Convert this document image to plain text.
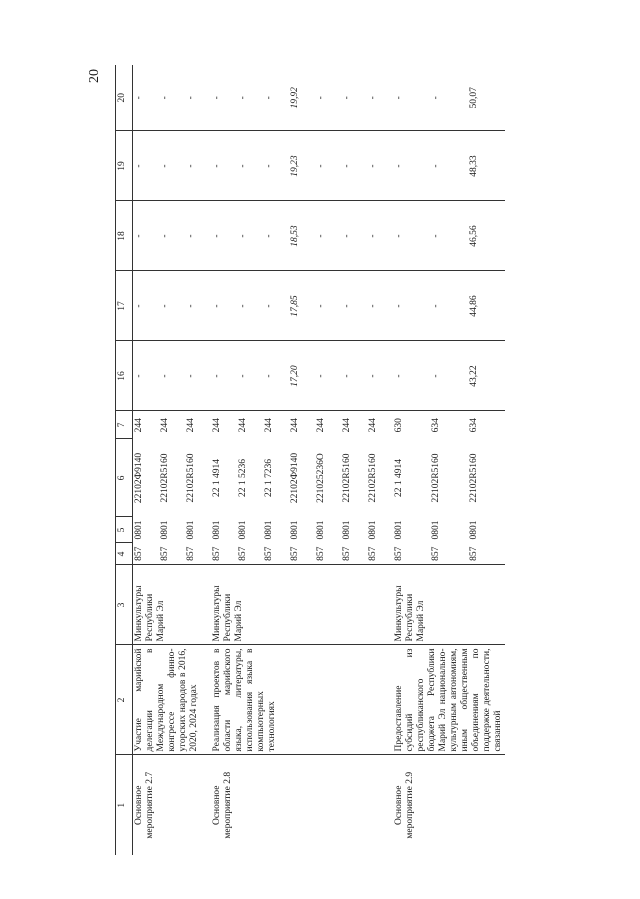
20
1	2	3	4	5	6	7	16	17	18	19	20
Основное мероприятие 2.7	Участие марийской делегации в Международном конгрессе финно-угорских народов в 2016, 2020, 2024 годах	Минкультуры Республики Марий Эл	857	0801	22102Ф9140	244	-	-	-	-	-
			857	0801	22102R5160	244	-	-	-	-	-
			857	0801	22102R5160	244	-	-	-	-	-
Основное мероприятие 2.8	Реализация проектов в области марийского языка, литературы, использования языка в компьютерных технологиях	Минкультуры Республики Марий Эл	857	0801	22 1 4914	244	-	-	-	-	-
			857	0801	22 1 5236	244	-	-	-	-	-
			857	0801	22 1 7236	244	-	-	-	-	-
			857	0801	22102Ф9140	244	17,20	17,85	18,53	19,23	19,92
			857	0801	221025236О	244	-	-	-	-	-
			857	0801	22102R5160	244	-	-	-	-	-
			857	0801	22102R5160	244	-	-	-	-	-
Основное мероприятие 2.9	Предоставление субсидий из республиканского бюджета Республики Марий Эл национально-культурным автономиям, иным общественным объединениям по поддержке деятельности, связанной	Минкультуры Республики Марий Эл	857	0801	22 1 4914	630	-	-	-	-	-
			857	0801	22102R5160	634	-	-	-	-	-
			857	0801	22102R5160	634	43,22	44,86	46,56	48,33	50,07
